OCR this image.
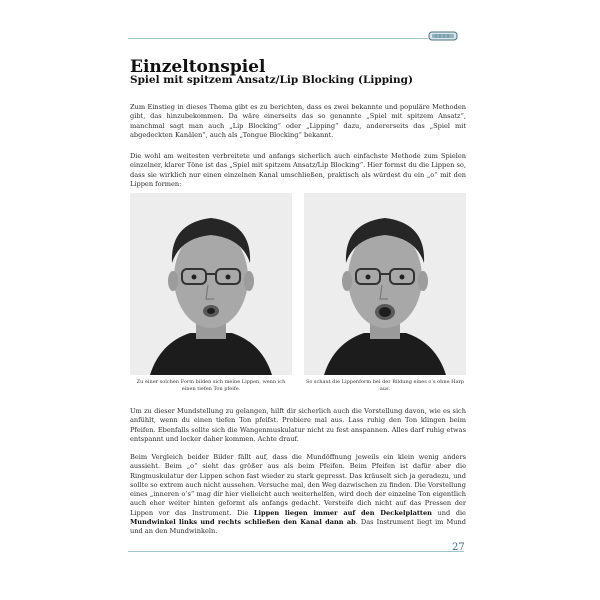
Einzeltonspiel
Spiel mit spitzem Ansatz/Lip Blocking (Lipping)

Zum Einstieg in dieses Thema gibt es zu berichten, dass es zwei bekannte und populäre Methoden gibt, das hinzubekommen. Da wäre einerseits das so genannte „Spiel mit spitzem Ansatz“, manchmal sagt man auch „Lip Blocking“ oder „Lipping“ dazu, andererseits das „Spiel mit abgedeckten Kanälen“, auch als „Tongue Blocking“ bekannt.

Die wohl am weitesten verbreitete und anfangs sicherlich auch einfachste Methode zum Spielen einzelner, klarer Töne ist das „Spiel mit spitzem Ansatz/Lip Blocking“. Hier formst du die Lippen so, dass sie wirklich nur einen einzelnen Kanal umschließen, praktisch als würdest du ein „o“ mit den Lippen formen:

Zu einer solchen Form bilden sich meine Lippen, wenn ich einen tiefen Ton pfeife.

So schaut die Lippenform bei der Bildung eines o’s ohne Harp aus.

Um zu dieser Mundstellung zu gelangen, hilft dir sicherlich auch die Vorstellung davon, wie es sich anfühlt, wenn du einen tiefen Ton pfeifst. Probiere mal aus. Lass ruhig den Ton klingen beim Pfeifen. Ebenfalls sollte sich die Wangenmuskulatur nicht zu fest anspannen. Alles darf ruhig etwas entspannt und locker daher kommen. Achte drauf.

Beim Vergleich beider Bilder fällt auf, dass die Mundöffnung jeweils ein klein wenig anders aussieht. Beim „o“ sieht das größer aus als beim Pfeifen. Beim Pfeifen ist dafür aber die Ringmuskulatur der Lippen schon fast wieder zu stark gepresst. Das kräuselt sich ja geradezu, und sollte so extrem auch nicht aussehen. Versuche mal, den Weg dazwischen zu finden. Die Vorstellung eines „inneren o’s“ mag dir hier vielleicht auch weiterhelfen, wird doch der einzelne Ton eigentlich auch eher weiter hinten geformt als anfangs gedacht. Versteife dich nicht auf das Pressen der Lippen vor das Instrument. Die Lippen liegen immer auf den Deckelplatten und die Mundwinkel links und rechts schließen den Kanal dann ab. Das Instrument liegt im Mund und an den Mundwinkeln.

27
